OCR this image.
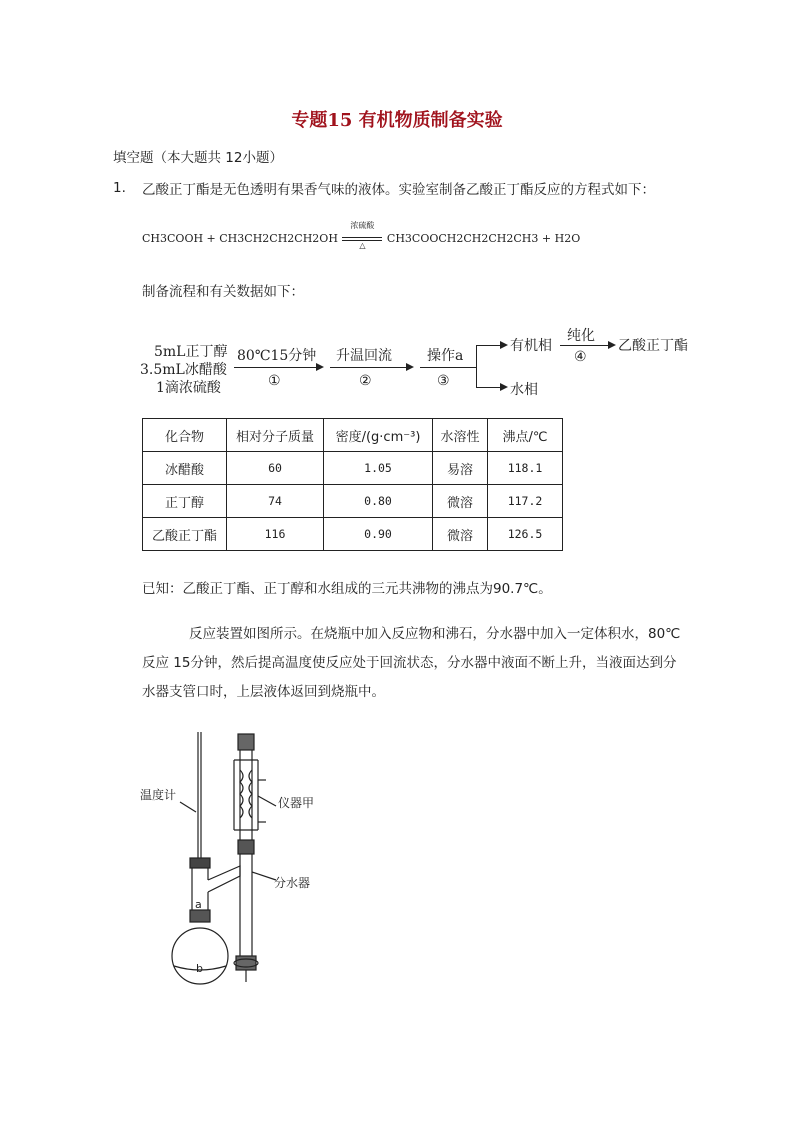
专题15 有机物质制备实验
填空题（本大题共 12小题）
1. 乙酸正丁酯是无色透明有果香气味的液体。实验室制备乙酸正丁酯反应的方程式如下：
CH3COOH + CH3CH2CH2CH2OH
浓硫酸
△
CH3COOCH2CH2CH2CH3 + H2O
制备流程和有关数据如下：
5mL正丁醇
3.5mL冰醋酸
1滴浓硫酸
80℃15分钟
①
升温回流
②
操作a
③
有机相
水相
纯化
④
乙酸正丁酯
化合物	相对分子质量	密度/(g·cm⁻³)	水溶性	沸点/℃
冰醋酸	60	1.05	易溶	118.1
正丁醇	74	0.80	微溶	117.2
乙酸正丁酯	116	0.90	微溶	126.5
已知：乙酸正丁酯、正丁醇和水组成的三元共沸物的沸点为90.7℃。
反应装置如图所示。在烧瓶中加入反应物和沸石，分水器中加入一定体积水，80℃反应 15分钟，然后提高温度使反应处于回流状态，分水器中液面不断上升，当液面达到分水器支管口时，上层液体返回到烧瓶中。
温度计
仪器甲
分水器
a
b
